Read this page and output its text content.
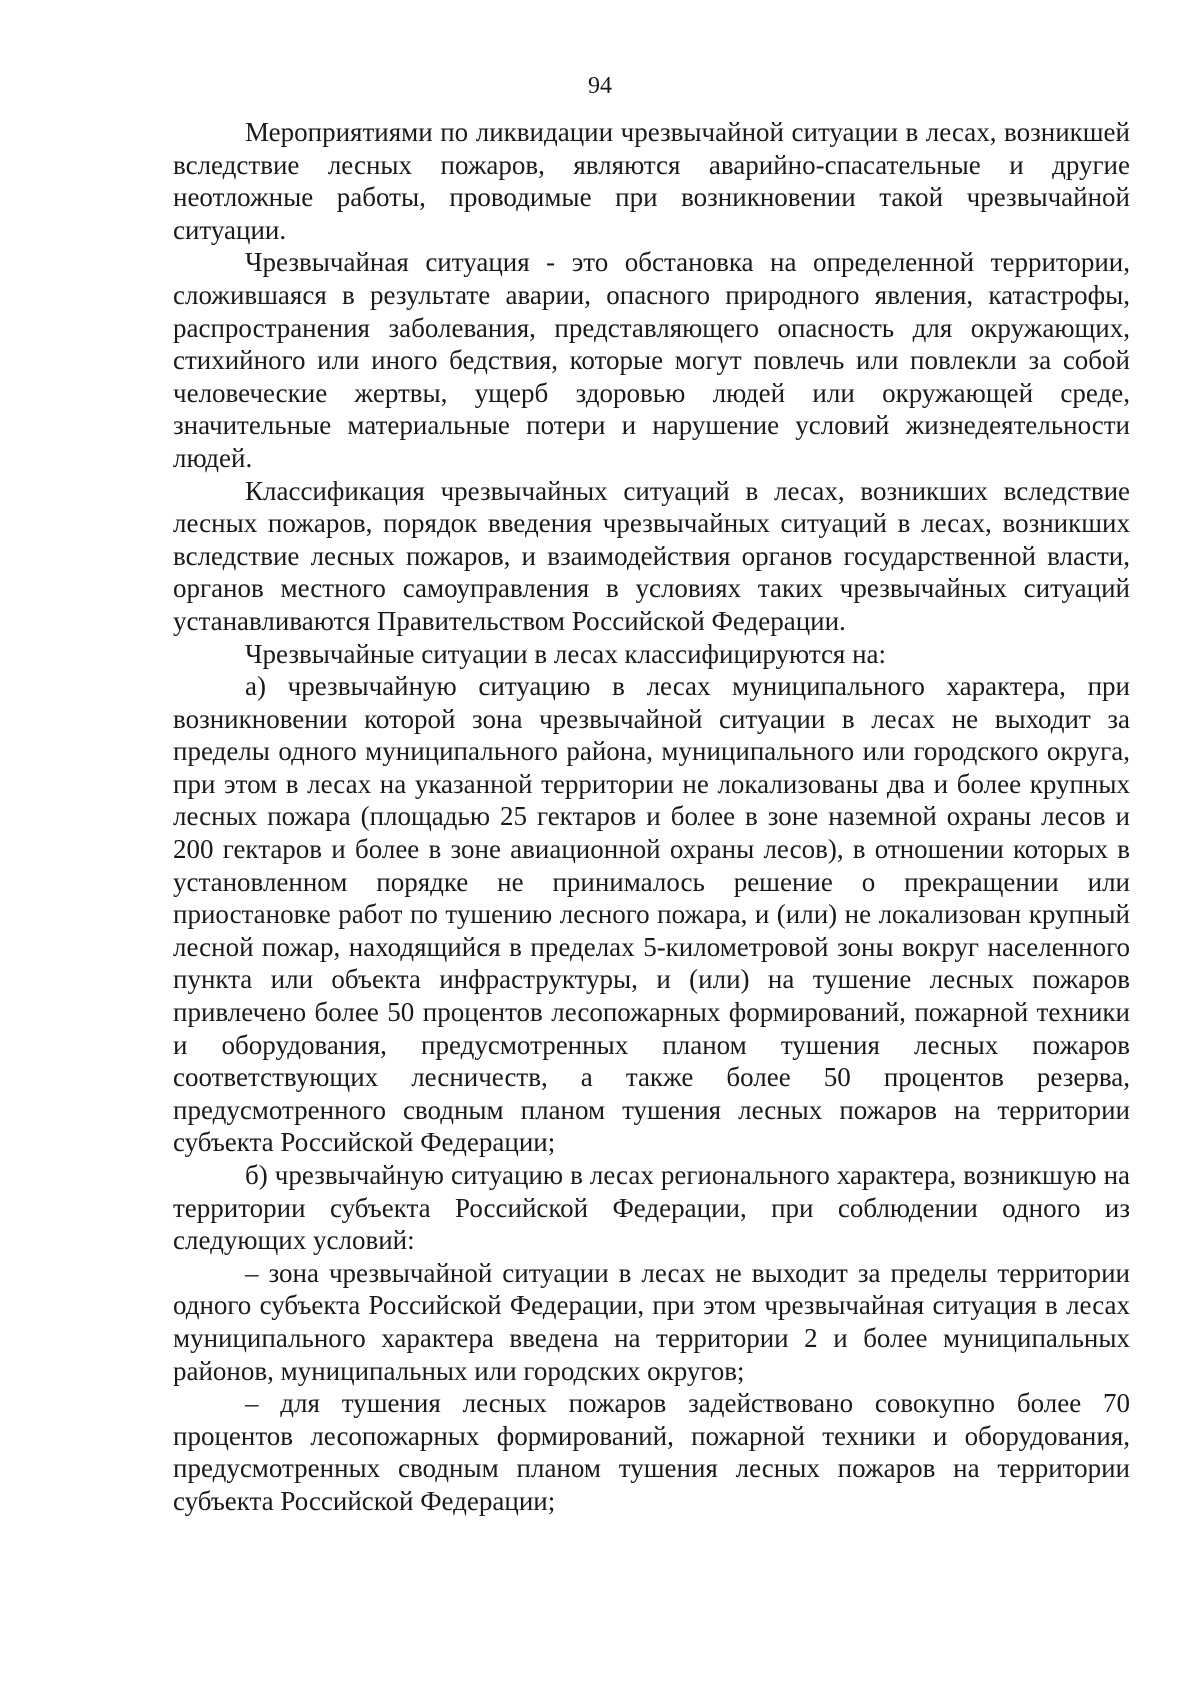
94

Мероприятиями по ликвидации чрезвычайной ситуации в лесах, возникшей вследствие лесных пожаров, являются аварийно-спасательные и другие неотложные работы, проводимые при возникновении такой чрезвычайной ситуации.

Чрезвычайная ситуация - это обстановка на определенной территории, сложившаяся в результате аварии, опасного природного явления, катастрофы, распространения заболевания, представляющего опасность для окружающих, стихийного или иного бедствия, которые могут повлечь или повлекли за собой человеческие жертвы, ущерб здоровью людей или окружающей среде, значительные материальные потери и нарушение условий жизнедеятельности людей.

Классификация чрезвычайных ситуаций в лесах, возникших вследствие лесных пожаров, порядок введения чрезвычайных ситуаций в лесах, возникших вследствие лесных пожаров, и взаимодействия органов государственной власти, органов местного самоуправления в условиях таких чрезвычайных ситуаций устанавливаются Правительством Российской Федерации.

Чрезвычайные ситуации в лесах классифицируются на:

а) чрезвычайную ситуацию в лесах муниципального характера, при возникновении которой зона чрезвычайной ситуации в лесах не выходит за пределы одного муниципального района, муниципального или городского округа, при этом в лесах на указанной территории не локализованы два и более крупных лесных пожара (площадью 25 гектаров и более в зоне наземной охраны лесов и 200 гектаров и более в зоне авиационной охраны лесов), в отношении которых в установленном порядке не принималось решение о прекращении или приостановке работ по тушению лесного пожара, и (или) не локализован крупный лесной пожар, находящийся в пределах 5-километровой зоны вокруг населенного пункта или объекта инфраструктуры, и (или) на тушение лесных пожаров привлечено более 50 процентов лесопожарных формирований, пожарной техники и оборудования, предусмотренных планом тушения лесных пожаров соответствующих лесничеств, а также более 50 процентов резерва, предусмотренного сводным планом тушения лесных пожаров на территории субъекта Российской Федерации;

б) чрезвычайную ситуацию в лесах регионального характера, возникшую на территории субъекта Российской Федерации, при соблюдении одного из следующих условий:

– зона чрезвычайной ситуации в лесах не выходит за пределы территории одного субъекта Российской Федерации, при этом чрезвычайная ситуация в лесах муниципального характера введена на территории 2 и более муниципальных районов, муниципальных или городских округов;

– для тушения лесных пожаров задействовано совокупно более 70 процентов лесопожарных формирований, пожарной техники и оборудования, предусмотренных сводным планом тушения лесных пожаров на территории субъекта Российской Федерации;
